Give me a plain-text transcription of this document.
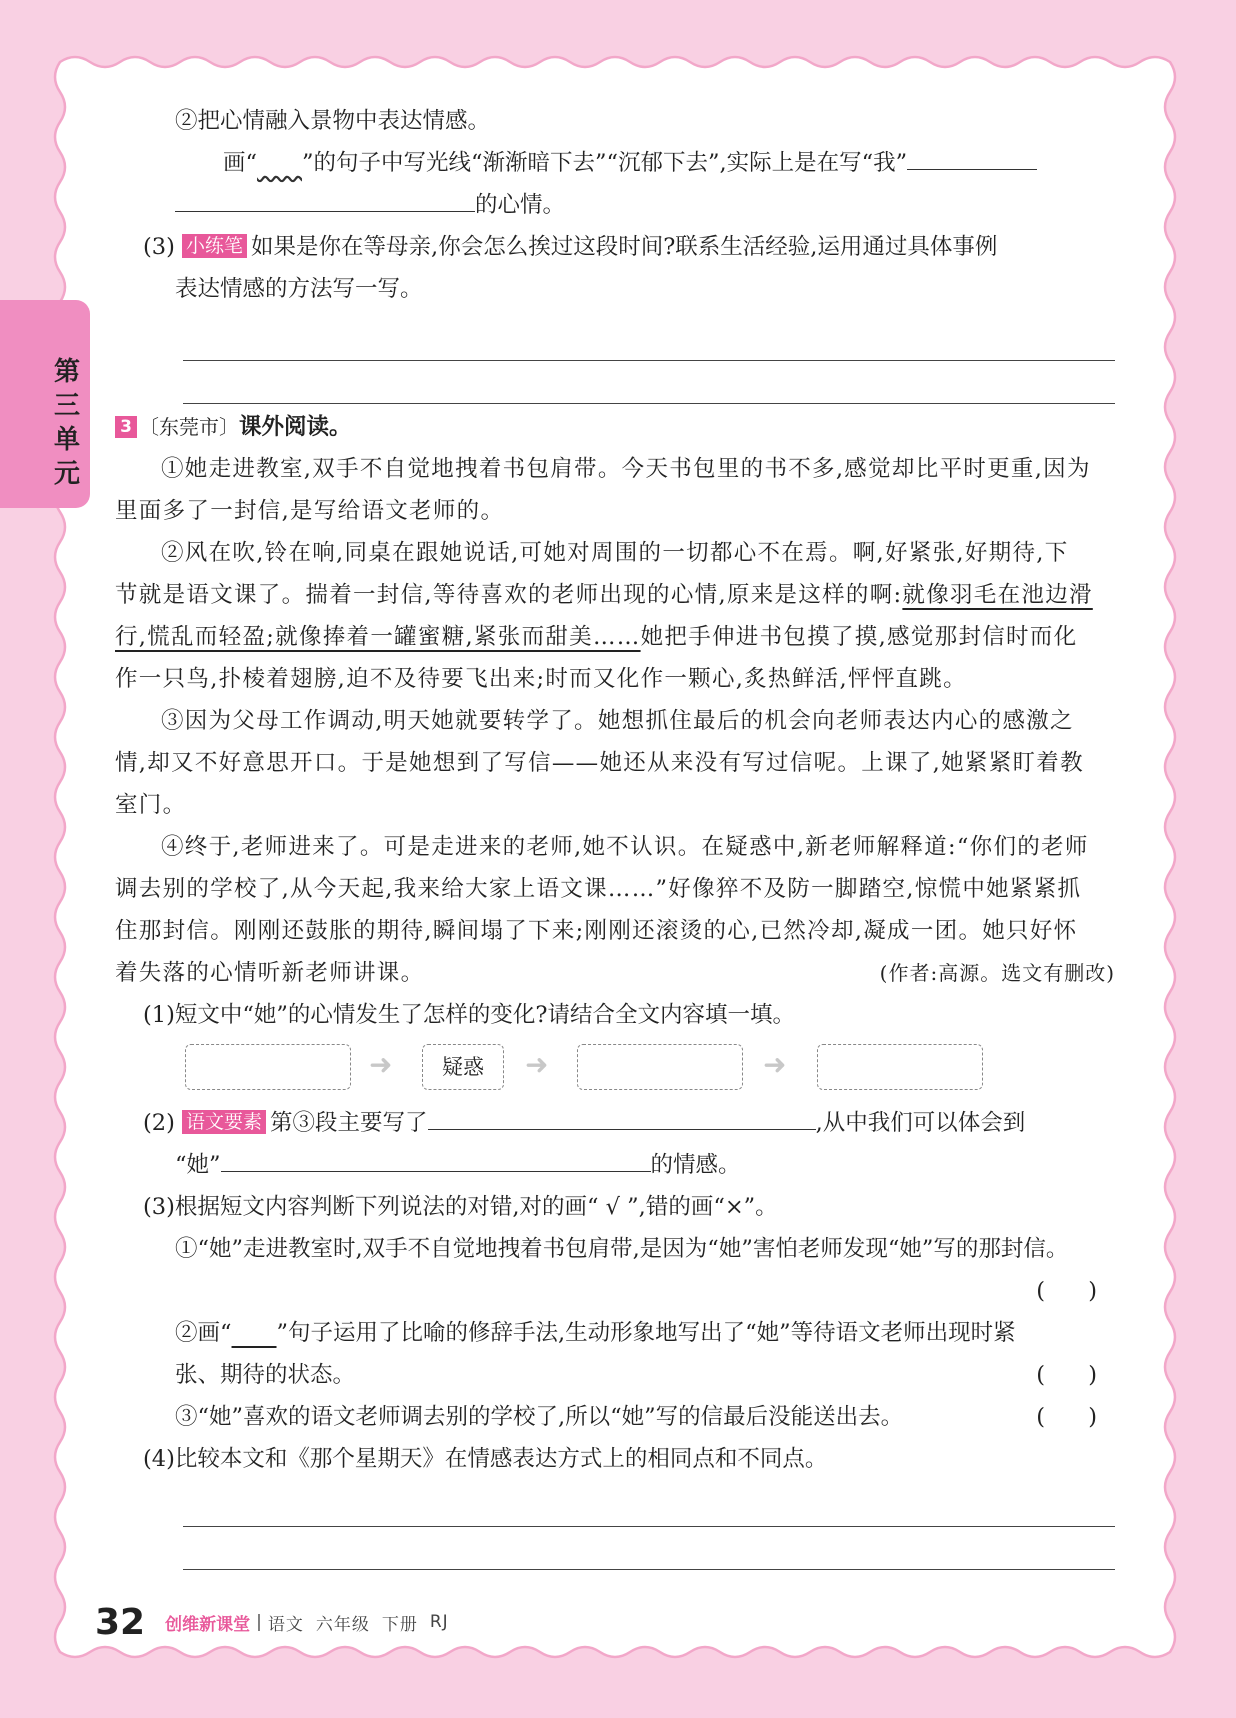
第
三
单
元
②把心情融入景物中表达情感。
画“   ”的句子中写光线“渐渐暗下去”“沉郁下去”,实际上是在写“我”
的心情。
(3) 小练笔 如果是你在等母亲,你会怎么挨过这段时间?联系生活经验,运用通过具体事例
表达情感的方法写一写。
3 〔东莞市〕课外阅读。
①她走进教室,双手不自觉地拽着书包肩带。今天书包里的书不多,感觉却比平时更重,因为
里面多了一封信,是写给语文老师的。
②风在吹,铃在响,同桌在跟她说话,可她对周围的一切都心不在焉。啊,好紧张,好期待,下
节就是语文课了。揣着一封信,等待喜欢的老师出现的心情,原来是这样的啊:就像羽毛在池边滑
行,慌乱而轻盈;就像捧着一罐蜜糖,紧张而甜美……她把手伸进书包摸了摸,感觉那封信时而化
作一只鸟,扑棱着翅膀,迫不及待要飞出来;时而又化作一颗心,炙热鲜活,怦怦直跳。
③因为父母工作调动,明天她就要转学了。她想抓住最后的机会向老师表达内心的感激之
情,却又不好意思开口。于是她想到了写信——她还从来没有写过信呢。上课了,她紧紧盯着教
室门。
④终于,老师进来了。可是走进来的老师,她不认识。在疑惑中,新老师解释道:“你们的老师
调去别的学校了,从今天起,我来给大家上语文课……”好像猝不及防一脚踏空,惊慌中她紧紧抓
住那封信。刚刚还鼓胀的期待,瞬间塌了下来;刚刚还滚烫的心,已然冷却,凝成一团。她只好怀
着失落的心情听新老师讲课。	(作者:高源。选文有删改)
(1)短文中“她”的心情发生了怎样的变化?请结合全文内容填一填。
➜	疑惑	➜	➜
(2) 语文要素 第③段主要写了	,从中我们可以体会到
“她”	的情感。
(3)根据短文内容判断下列说法的对错,对的画“ √ ”,错的画“×”。
①“她”走进教室时,双手不自觉地拽着书包肩带,是因为“她”害怕老师发现“她”写的那封信。
( )
②画“   ”句子运用了比喻的修辞手法,生动形象地写出了“她”等待语文老师出现时紧
张、期待的状态。	( )
③“她”喜欢的语文老师调去别的学校了,所以“她”写的信最后没能送出去。	( )
(4)比较本文和《那个星期天》在情感表达方式上的相同点和不同点。
32 创维新课堂 | 语文 六年级 下册 RJ
